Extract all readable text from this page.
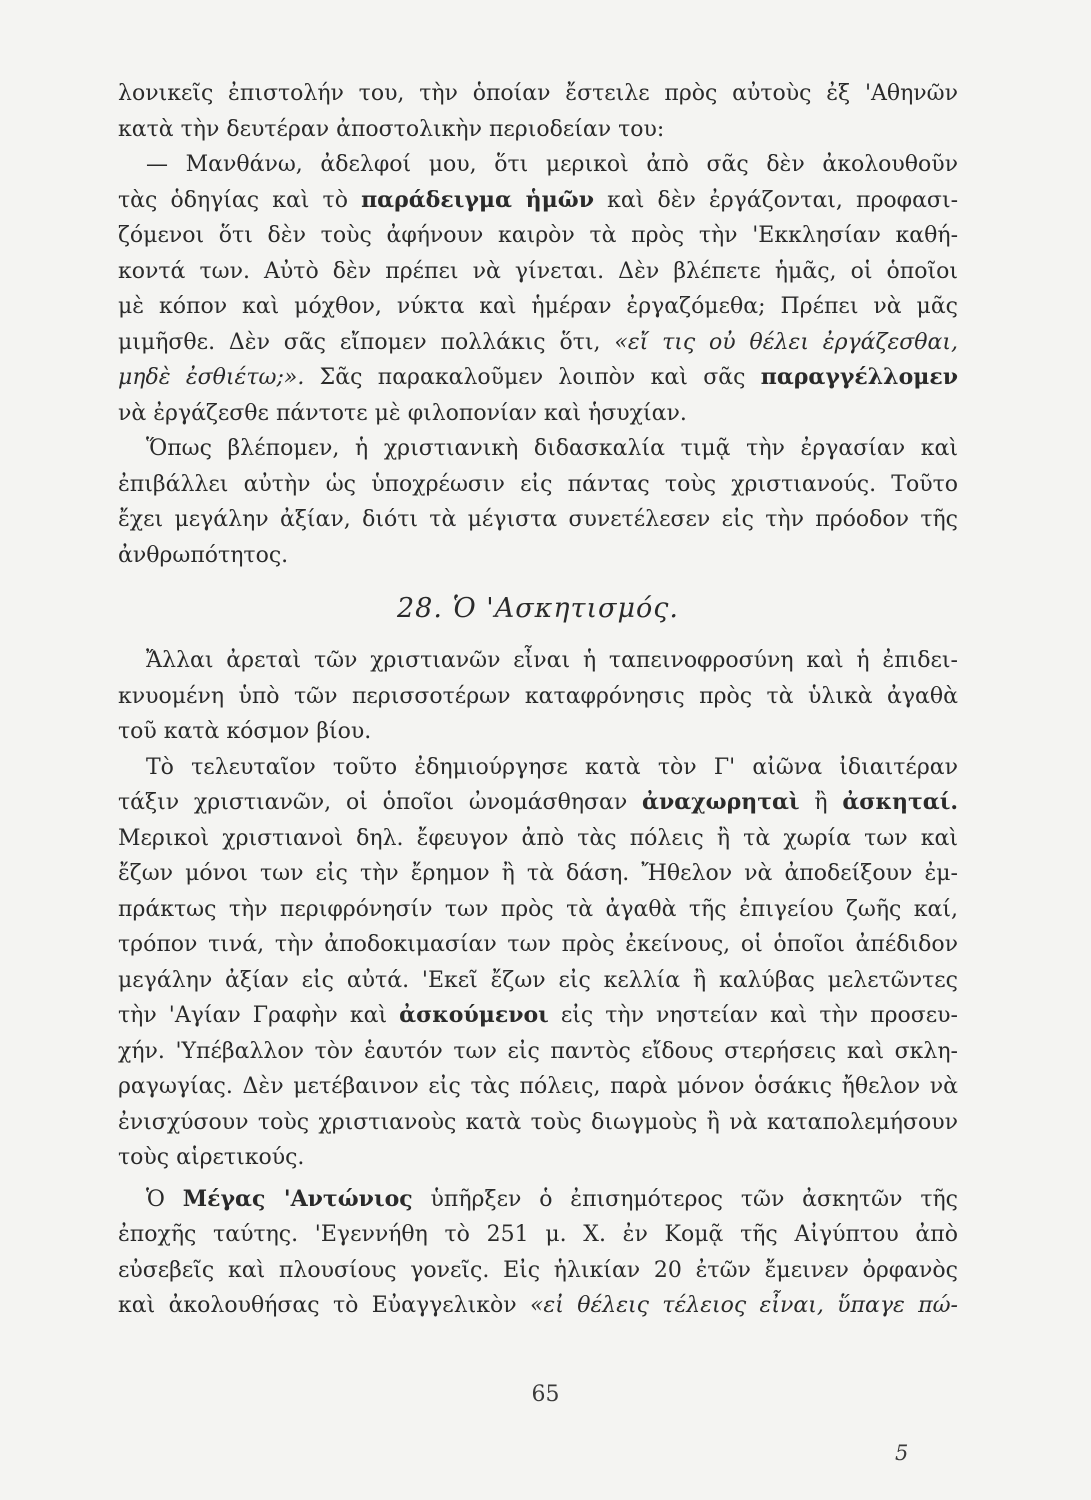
λονικεῖς ἐπιστολήν του, τὴν ὁποίαν ἔστειλε πρὸς αὐτοὺς ἐξ 'Αθηνῶν
κατὰ τὴν δευτέραν ἀποστολικὴν περιοδείαν του:

— Μανθάνω, ἀδελφοί μου, ὅτι μερικοὶ ἀπὸ σᾶς δὲν ἀκολουθοῦν
τὰς ὁδηγίας καὶ τὸ παράδειγμα ἡμῶν καὶ δὲν ἐργάζονται, προφασι-
ζόμενοι ὅτι δὲν τοὺς ἀφήνουν καιρὸν τὰ πρὸς τὴν 'Εκκλησίαν καθή-
κοντά των. Αὐτὸ δὲν πρέπει νὰ γίνεται. Δὲν βλέπετε ἡμᾶς, οἱ ὁποῖοι
μὲ κόπον καὶ μόχθον, νύκτα καὶ ἡμέραν ἐργαζόμεθα; Πρέπει νὰ μᾶς
μιμῆσθε. Δὲν σᾶς εἴπομεν πολλάκις ὅτι, «εἴ τις οὐ θέλει ἐργάζεσθαι,
μηδὲ ἐσθιέτω;». Σᾶς παρακαλοῦμεν λοιπὸν καὶ σᾶς παραγγέλλομεν
νὰ ἐργάζεσθε πάντοτε μὲ φιλοπονίαν καὶ ἡσυχίαν.

Ὅπως βλέπομεν, ἡ χριστιανικὴ διδασκαλία τιμᾷ τὴν ἐργασίαν καὶ
ἐπιβάλλει αὐτὴν ὡς ὑποχρέωσιν εἰς πάντας τοὺς χριστιανούς. Τοῦτο
ἔχει μεγάλην ἀξίαν, διότι τὰ μέγιστα συνετέλεσεν εἰς τὴν πρόοδον τῆς
ἀνθρωπότητος.

28. Ὁ 'Ασκητισμός.

Ἄλλαι ἀρεταὶ τῶν χριστιανῶν εἶναι ἡ ταπεινοφροσύνη καὶ ἡ ἐπιδει-
κνυομένη ὑπὸ τῶν περισσοτέρων καταφρόνησις πρὸς τὰ ὑλικὰ ἀγαθὰ
τοῦ κατὰ κόσμον βίου.

Τὸ τελευταῖον τοῦτο ἐδημιούργησε κατὰ τὸν Γ' αἰῶνα ἰδιαιτέραν
τάξιν χριστιανῶν, οἱ ὁποῖοι ὠνομάσθησαν ἀναχωρηταὶ ἢ ἀσκηταί.
Μερικοὶ χριστιανοὶ δηλ. ἔφευγον ἀπὸ τὰς πόλεις ἢ τὰ χωρία των καὶ
ἔζων μόνοι των εἰς τὴν ἔρημον ἢ τὰ δάση. Ἤθελον νὰ ἀποδείξουν ἐμ-
πράκτως τὴν περιφρόνησίν των πρὸς τὰ ἀγαθὰ τῆς ἐπιγείου ζωῆς καί,
τρόπον τινά, τὴν ἀποδοκιμασίαν των πρὸς ἐκείνους, οἱ ὁποῖοι ἀπέδιδον
μεγάλην ἀξίαν εἰς αὐτά. 'Εκεῖ ἔζων εἰς κελλία ἢ καλύβας μελετῶντες
τὴν 'Αγίαν Γραφὴν καὶ ἀσκούμενοι εἰς τὴν νηστείαν καὶ τὴν προσευ-
χήν. 'Υπέβαλλον τὸν ἑαυτόν των εἰς παντὸς εἴδους στερήσεις καὶ σκλη-
ραγωγίας. Δὲν μετέβαινον εἰς τὰς πόλεις, παρὰ μόνον ὁσάκις ἤθελον νὰ
ἐνισχύσουν τοὺς χριστιανοὺς κατὰ τοὺς διωγμοὺς ἢ νὰ καταπολεμήσουν
τοὺς αἱρετικούς.

Ὁ Μέγας 'Αντώνιος ὑπῆρξεν ὁ ἐπισημότερος τῶν ἀσκητῶν τῆς
ἐποχῆς ταύτης. 'Εγεννήθη τὸ 251 μ. Χ. ἐν Κομᾷ τῆς Αἰγύπτου ἀπὸ
εὐσεβεῖς καὶ πλουσίους γονεῖς. Εἰς ἡλικίαν 20 ἐτῶν ἔμεινεν ὀρφανὸς
καὶ ἀκολουθήσας τὸ Εὐαγγελικὸν «εἰ θέλεις τέλειος εἶναι, ὕπαγε πώ-

65
5
